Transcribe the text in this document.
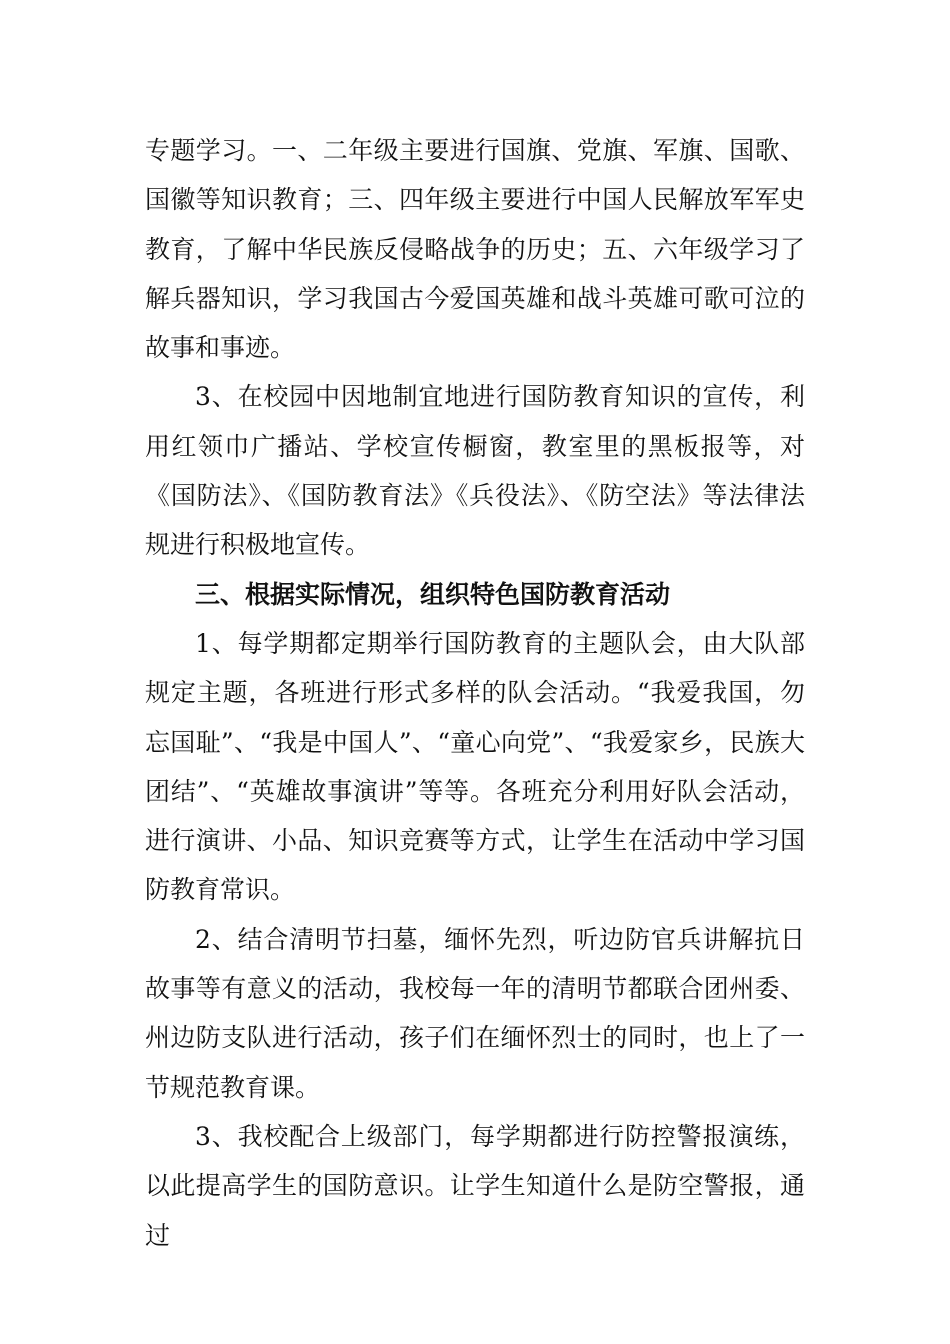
专题学习。一、二年级主要进行国旗、党旗、军旗、国歌、国徽等知识教育；三、四年级主要进行中国人民解放军军史教育，了解中华民族反侵略战争的历史；五、六年级学习了解兵器知识，学习我国古今爱国英雄和战斗英雄可歌可泣的故事和事迹。

3、在校园中因地制宜地进行国防教育知识的宣传，利用红领巾广播站、学校宣传橱窗，教室里的黑板报等，对《国防法》、《国防教育法》《兵役法》、《防空法》等法律法规进行积极地宣传。

三、根据实际情况，组织特色国防教育活动

1、每学期都定期举行国防教育的主题队会，由大队部规定主题，各班进行形式多样的队会活动。“我爱我国，勿忘国耻”、“我是中国人”、“童心向党”、“我爱家乡，民族大团结”、“英雄故事演讲”等等。各班充分利用好队会活动，进行演讲、小品、知识竞赛等方式，让学生在活动中学习国防教育常识。

2、结合清明节扫墓，缅怀先烈，听边防官兵讲解抗日故事等有意义的活动，我校每一年的清明节都联合团州委、州边防支队进行活动，孩子们在缅怀烈士的同时，也上了一节规范教育课。

3、我校配合上级部门，每学期都进行防控警报演练，以此提高学生的国防意识。让学生知道什么是防空警报，通过
